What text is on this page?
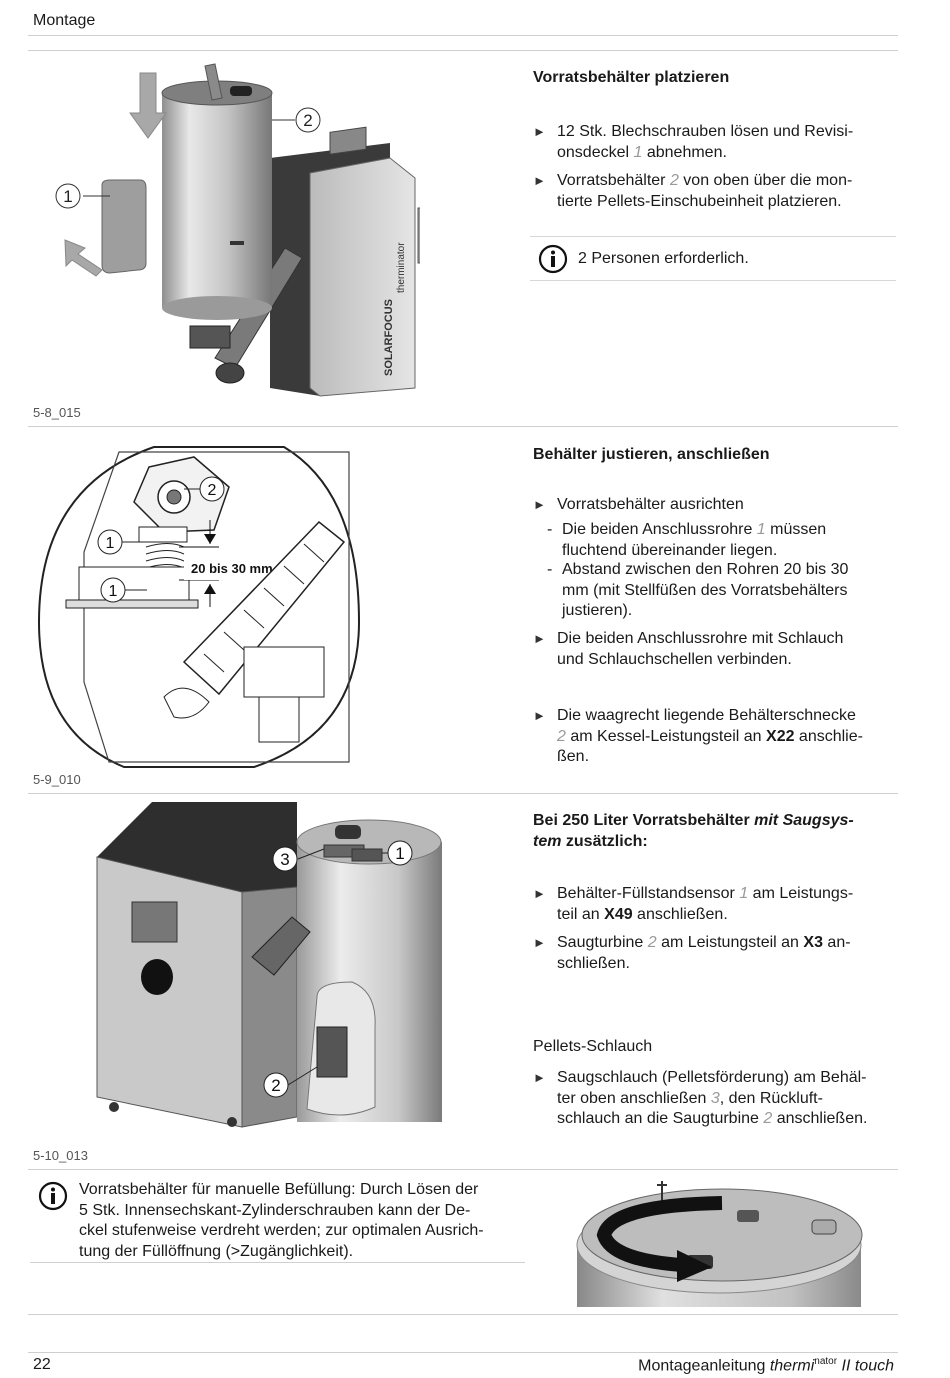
Montage
SOLARFOCUS
therminator
1
2
Vorratsbehälter platzieren
► 12 Stk. Blechschrauben lösen und Revisi-
onsdeckel 1 abnehmen.
► Vorratsbehälter 2 von oben über die mon-
tierte Pellets-Einschubeinheit platzieren.
2 Personen erforderlich.
5-8_015
20 bis 30 mm
1
1
2
Behälter justieren, anschließen
► Vorratsbehälter ausrichten
- Die beiden Anschlussrohre 1 müssen
fluchtend übereinander liegen.
- Abstand zwischen den Rohren 20 bis 30
mm (mit Stellfüßen des Vorratsbehälters
justieren).
► Die beiden Anschlussrohre mit Schlauch
und Schlauchschellen verbinden.
► Die waagrecht liegende Behälterschnecke
2 am Kessel-Leistungsteil an X22 anschlie-
ßen.
5-9_010
3	1
2
Bei 250 Liter Vorratsbehälter mit Saugsys-
tem zusätzlich:
► Behälter-Füllstandsensor 1 am Leistungs-
teil an X49 anschließen.
► Saugturbine 2 am Leistungsteil an X3 an-
schließen.
Pellets-Schlauch
► Saugschlauch (Pelletsförderung) am Behäl-
ter oben anschließen 3, den Rückluft-
schlauch an die Saugturbine 2 anschließen.
5-10_013
Vorratsbehälter für manuelle Befüllung: Durch Lösen der
5 Stk. Innensechskant-Zylinderschrauben kann der De-
ckel stufenweise verdreht werden; zur optimalen Ausrich-
tung der Füllöffnung (>Zugänglichkeit).
22	Montageanleitung thermi$^{nator}$ II touch
